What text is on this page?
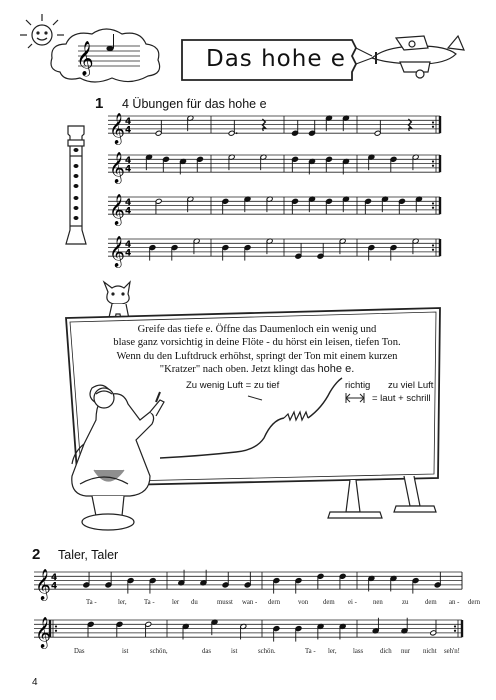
𝄞	Das hohe e
1 4 Übungen für das hohe e
𝄞 4
4
𝄞 4
4
𝄞 4
4
𝄞 4
4
𝄞 4
4
𝄞
Greife das tiefe e. Öffne das Daumenloch ein wenig und
blase ganz vorsichtig in deine Flöte - du hörst ein leisen, tiefen Ton.
Wenn du den Luftdruck erhöhst, springt der Ton mit einem kurzen
"Kratzer" nach oben. Jetzt klingt das hohe e.
Zu wenig Luft = zu tief	richtig zu viel Luft
= laut + schrill
2 Taler, Taler
Ta -	ler,	Ta -	ler du	musst wan - dern	von dem ei - nen	zu dem an - dern
Das	ist	schön,	das	ist	schön.	Ta - ler, lass dich nur nicht seh'n!
4
